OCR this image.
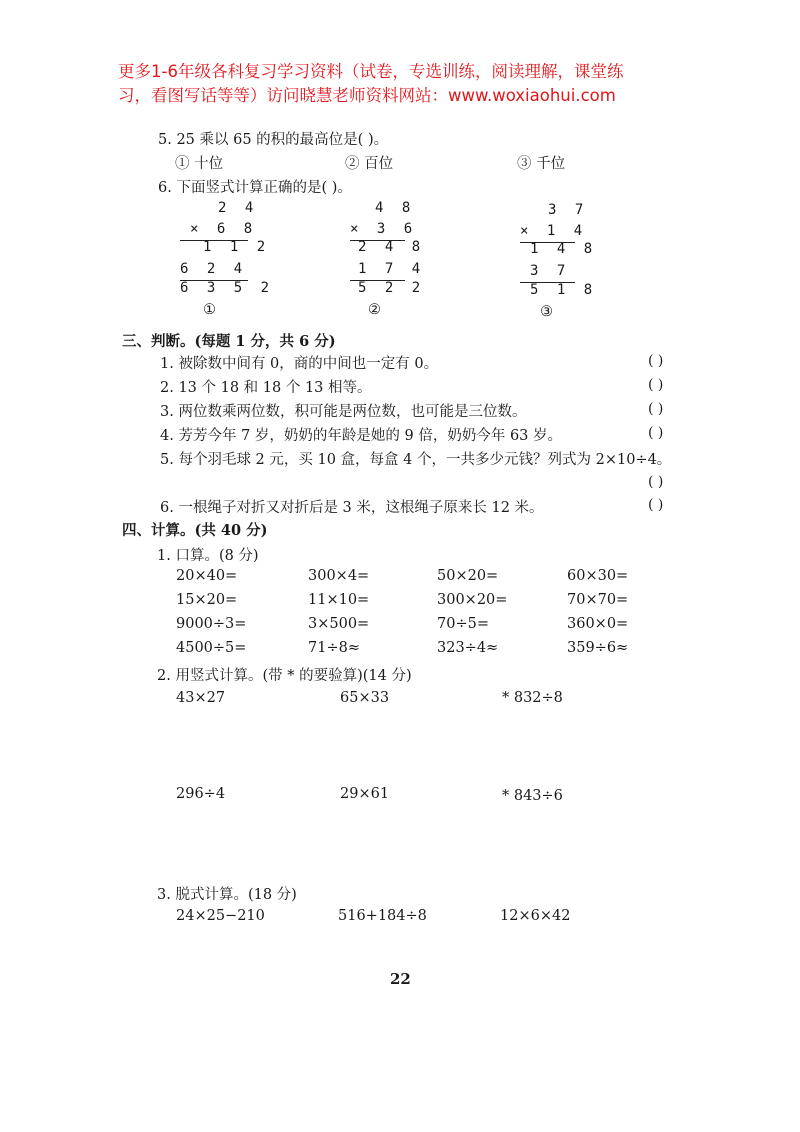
更多1-6年级各科复习学习资料（试卷，专选训练，阅读理解，课堂练
习，看图写话等等）访问晓慧老师资料网站：www.woxiaohui.com
5. 25 乘以 65 的积的最高位是( )。
① 十位	② 百位	③ 千位
6. 下面竖式计算正确的是( )。
2 4
× 6 8
1 1 2
6 2 4
6 3 5 2
①
4 8
× 3 6
2 4 8
1 7 4
5 2 2
②
3 7
× 1 4
1 4 8
3 7
5 1 8
③
三、判断。(每题 1 分，共 6 分)
1. 被除数中间有 0，商的中间也一定有 0。	( )
2. 13 个 18 和 18 个 13 相等。	( )
3. 两位数乘两位数，积可能是两位数，也可能是三位数。	( )
4. 芳芳今年 7 岁，奶奶的年龄是她的 9 倍，奶奶今年 63 岁。	( )
5. 每个羽毛球 2 元，买 10 盒，每盒 4 个，一共多少元钱？列式为 2×10÷4。
( )
6. 一根绳子对折又对折后是 3 米，这根绳子原来长 12 米。	( )
四、计算。(共 40 分)
1. 口算。(8 分)
20×40=	300×4=	50×20=	60×30=
15×20=	11×10=	300×20=	70×70=
9000÷3=	3×500=	70÷5=	360×0=
4500÷5=	71÷8≈	323÷4≈	359÷6≈
2. 用竖式计算。(带 * 的要验算)(14 分)
43×27	65×33	* 832÷8
296÷4	29×61	* 843÷6
3. 脱式计算。(18 分)
24×25−210	516+184÷8	12×6×42
22
